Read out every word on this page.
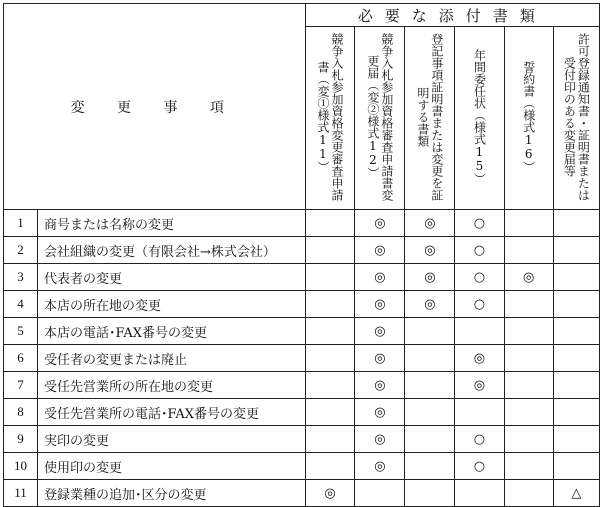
変 更 事 項		必要な添付書類					

		競争入札参加資格変更審査申請書（変①様式11）	競争入札参加資格審査申請書変更届（変②様式12）	登記事項証明書または変更を証明する書類	年間委任状（様式15）	誓約書（様式16）	許可登録通知書・証明書または受付印のある変更届等

1	商号または名称の変更		◎	◎	○		
2	会社組織の変更（有限会社→株式会社）		◎	◎	○		
3	代表者の変更		◎	◎	○	◎	
4	本店の所在地の変更		◎	◎	○		
5	本店の電話･FAX番号の変更		◎				
6	受任者の変更または廃止		◎		◎		
7	受任先営業所の所在地の変更		◎		◎		
8	受任先営業所の電話･FAX番号の変更		◎				
9	実印の変更		◎		○		
10	使用印の変更		◎		○		
11	登録業種の追加･区分の変更	◎					△
